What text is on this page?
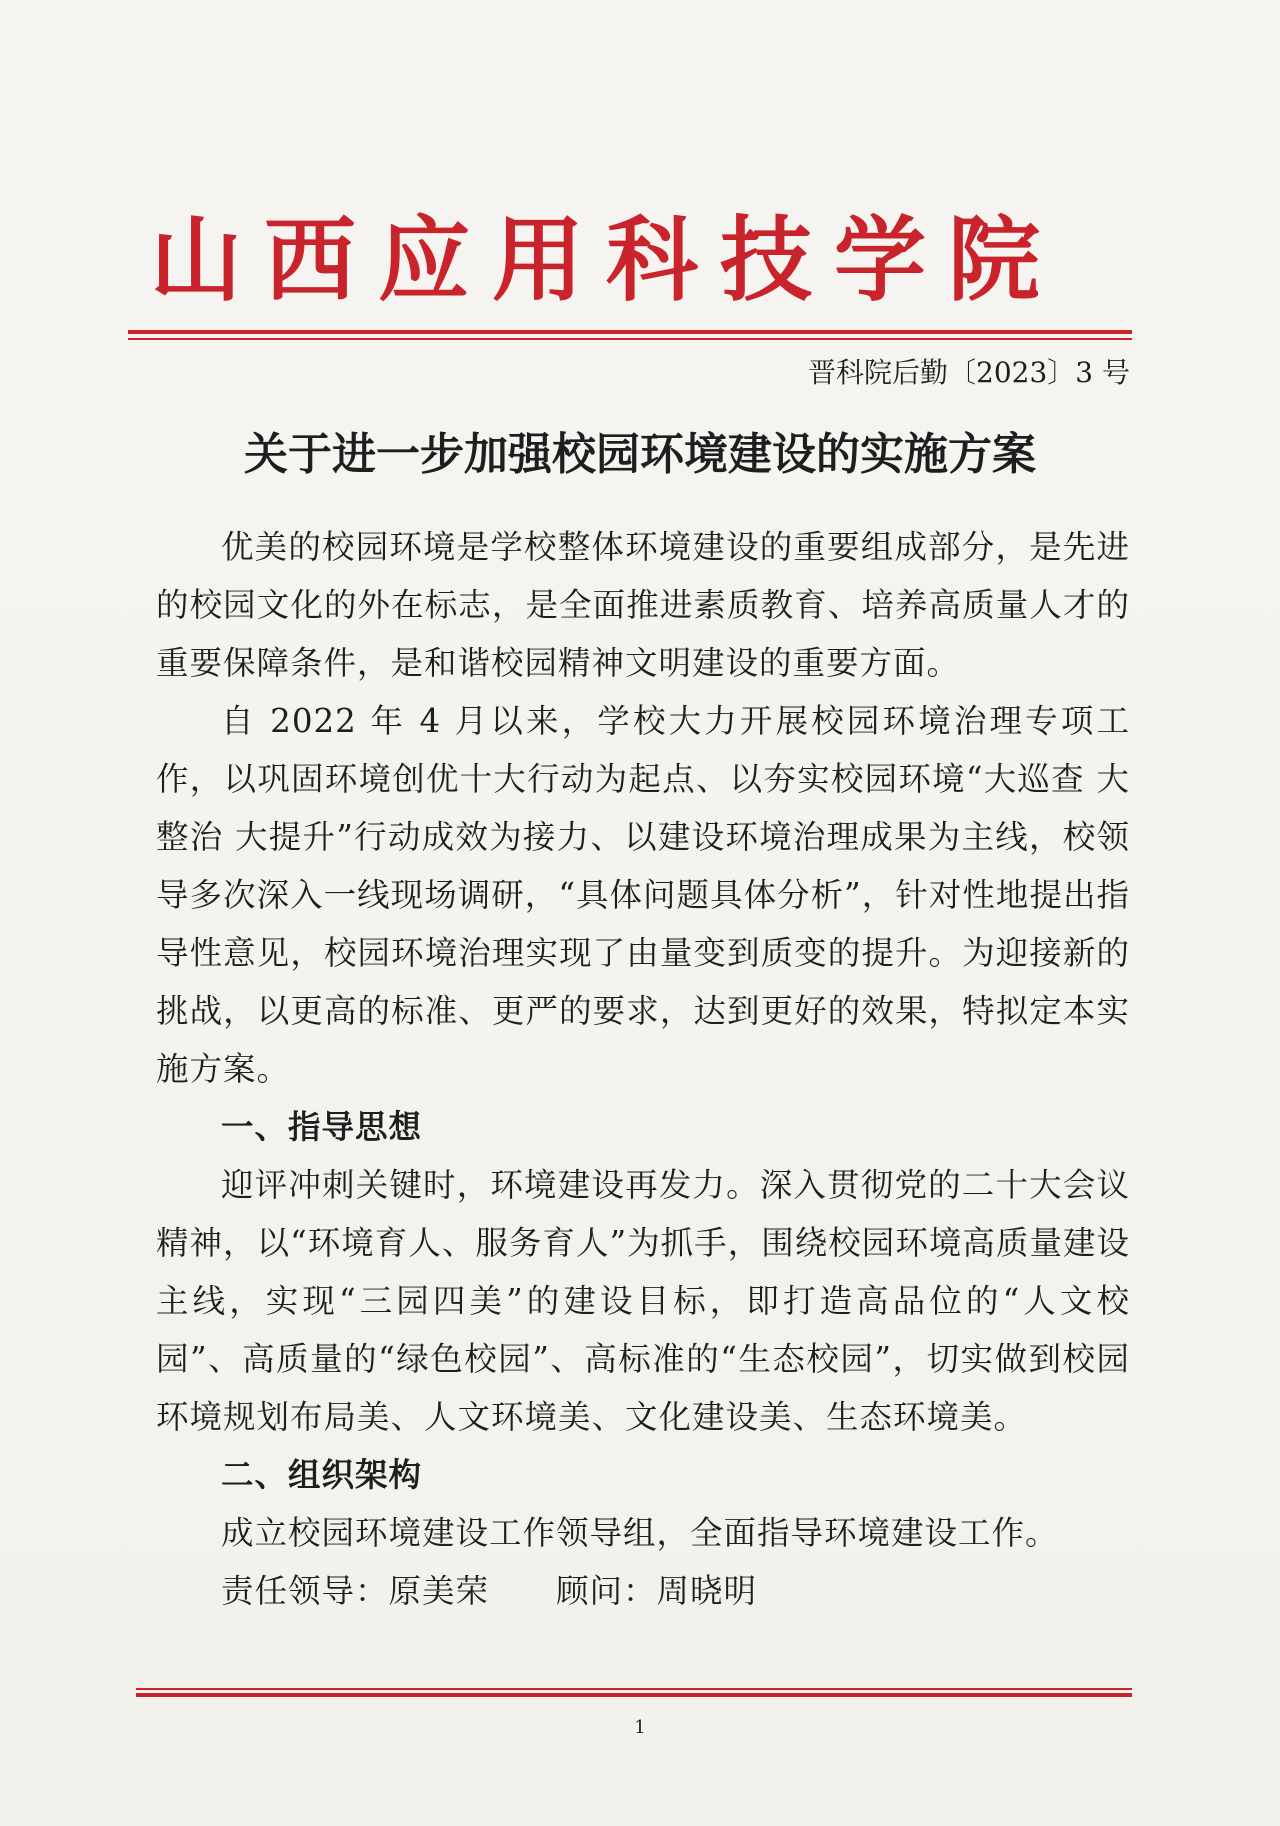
山西应用科技学院
晋科院后勤〔2023〕3 号
关于进一步加强校园环境建设的实施方案

优美的校园环境是学校整体环境建设的重要组成部分，是先进的校园文化的外在标志，是全面推进素质教育、培养高质量人才的重要保障条件，是和谐校园精神文明建设的重要方面。

自 2022 年 4 月以来，学校大力开展校园环境治理专项工作，以巩固环境创优十大行动为起点、以夯实校园环境“大巡查 大整治 大提升”行动成效为接力、以建设环境治理成果为主线，校领导多次深入一线现场调研，“具体问题具体分析”，针对性地提出指导性意见，校园环境治理实现了由量变到质变的提升。为迎接新的挑战，以更高的标准、更严的要求，达到更好的效果，特拟定本实施方案。

一、指导思想

迎评冲刺关键时，环境建设再发力。深入贯彻党的二十大会议精神，以“环境育人、服务育人”为抓手，围绕校园环境高质量建设主线，实现“三园四美”的建设目标，即打造高品位的“人文校园”、高质量的“绿色校园”、高标准的“生态校园”，切实做到校园环境规划布局美、人文环境美、文化建设美、生态环境美。

二、组织架构

成立校园环境建设工作领导组，全面指导环境建设工作。

责任领导：原美荣　　顾问：周晓明

1
